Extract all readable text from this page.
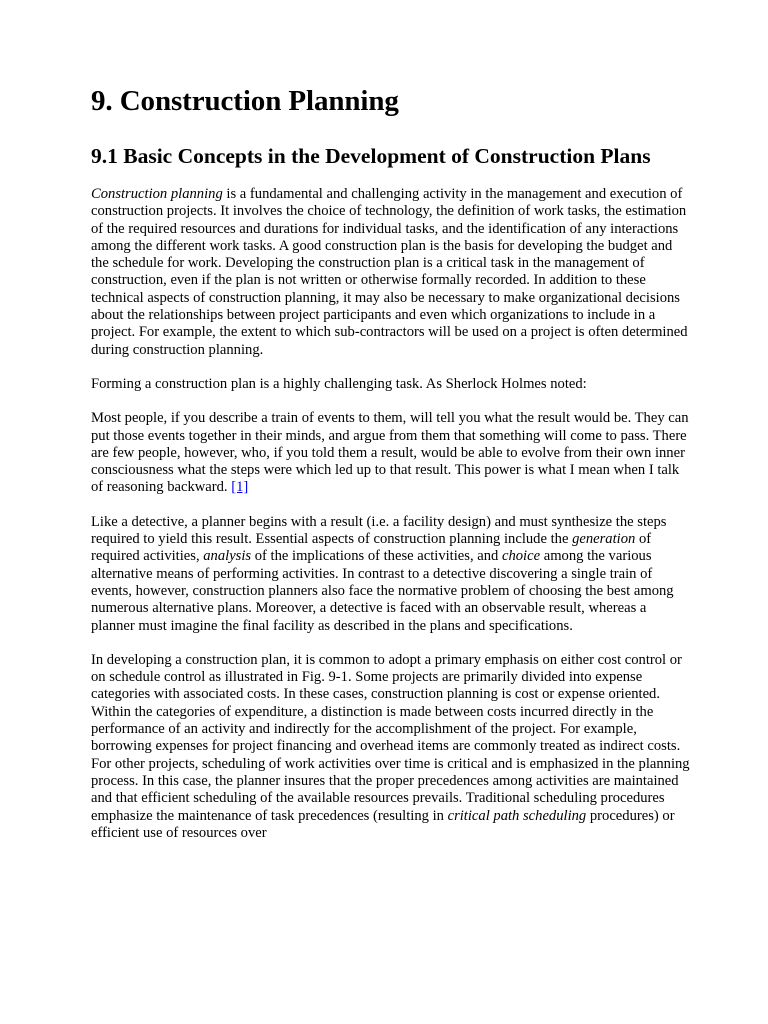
9. Construction Planning
9.1 Basic Concepts in the Development of Construction Plans

Construction planning is a fundamental and challenging activity in the management and execution of construction projects. It involves the choice of technology, the definition of work tasks, the estimation of the required resources and durations for individual tasks, and the identification of any interactions among the different work tasks. A good construction plan is the basis for developing the budget and the schedule for work. Developing the construction plan is a critical task in the management of construction, even if the plan is not written or otherwise formally recorded. In addition to these technical aspects of construction planning, it may also be necessary to make organizational decisions about the relationships between project participants and even which organizations to include in a project. For example, the extent to which sub-contractors will be used on a project is often determined during construction planning.

Forming a construction plan is a highly challenging task. As Sherlock Holmes noted:

Most people, if you describe a train of events to them, will tell you what the result would be. They can put those events together in their minds, and argue from them that something will come to pass. There are few people, however, who, if you told them a result, would be able to evolve from their own inner consciousness what the steps were which led up to that result. This power is what I mean when I talk of reasoning backward. [1]

Like a detective, a planner begins with a result (i.e. a facility design) and must synthesize the steps required to yield this result. Essential aspects of construction planning include the generation of required activities, analysis of the implications of these activities, and choice among the various alternative means of performing activities. In contrast to a detective discovering a single train of events, however, construction planners also face the normative problem of choosing the best among numerous alternative plans. Moreover, a detective is faced with an observable result, whereas a planner must imagine the final facility as described in the plans and specifications.

In developing a construction plan, it is common to adopt a primary emphasis on either cost control or on schedule control as illustrated in Fig. 9-1. Some projects are primarily divided into expense categories with associated costs. In these cases, construction planning is cost or expense oriented. Within the categories of expenditure, a distinction is made between costs incurred directly in the performance of an activity and indirectly for the accomplishment of the project. For example, borrowing expenses for project financing and overhead items are commonly treated as indirect costs. For other projects, scheduling of work activities over time is critical and is emphasized in the planning process. In this case, the planner insures that the proper precedences among activities are maintained and that efficient scheduling of the available resources prevails. Traditional scheduling procedures emphasize the maintenance of task precedences (resulting in critical path scheduling procedures) or efficient use of resources over
